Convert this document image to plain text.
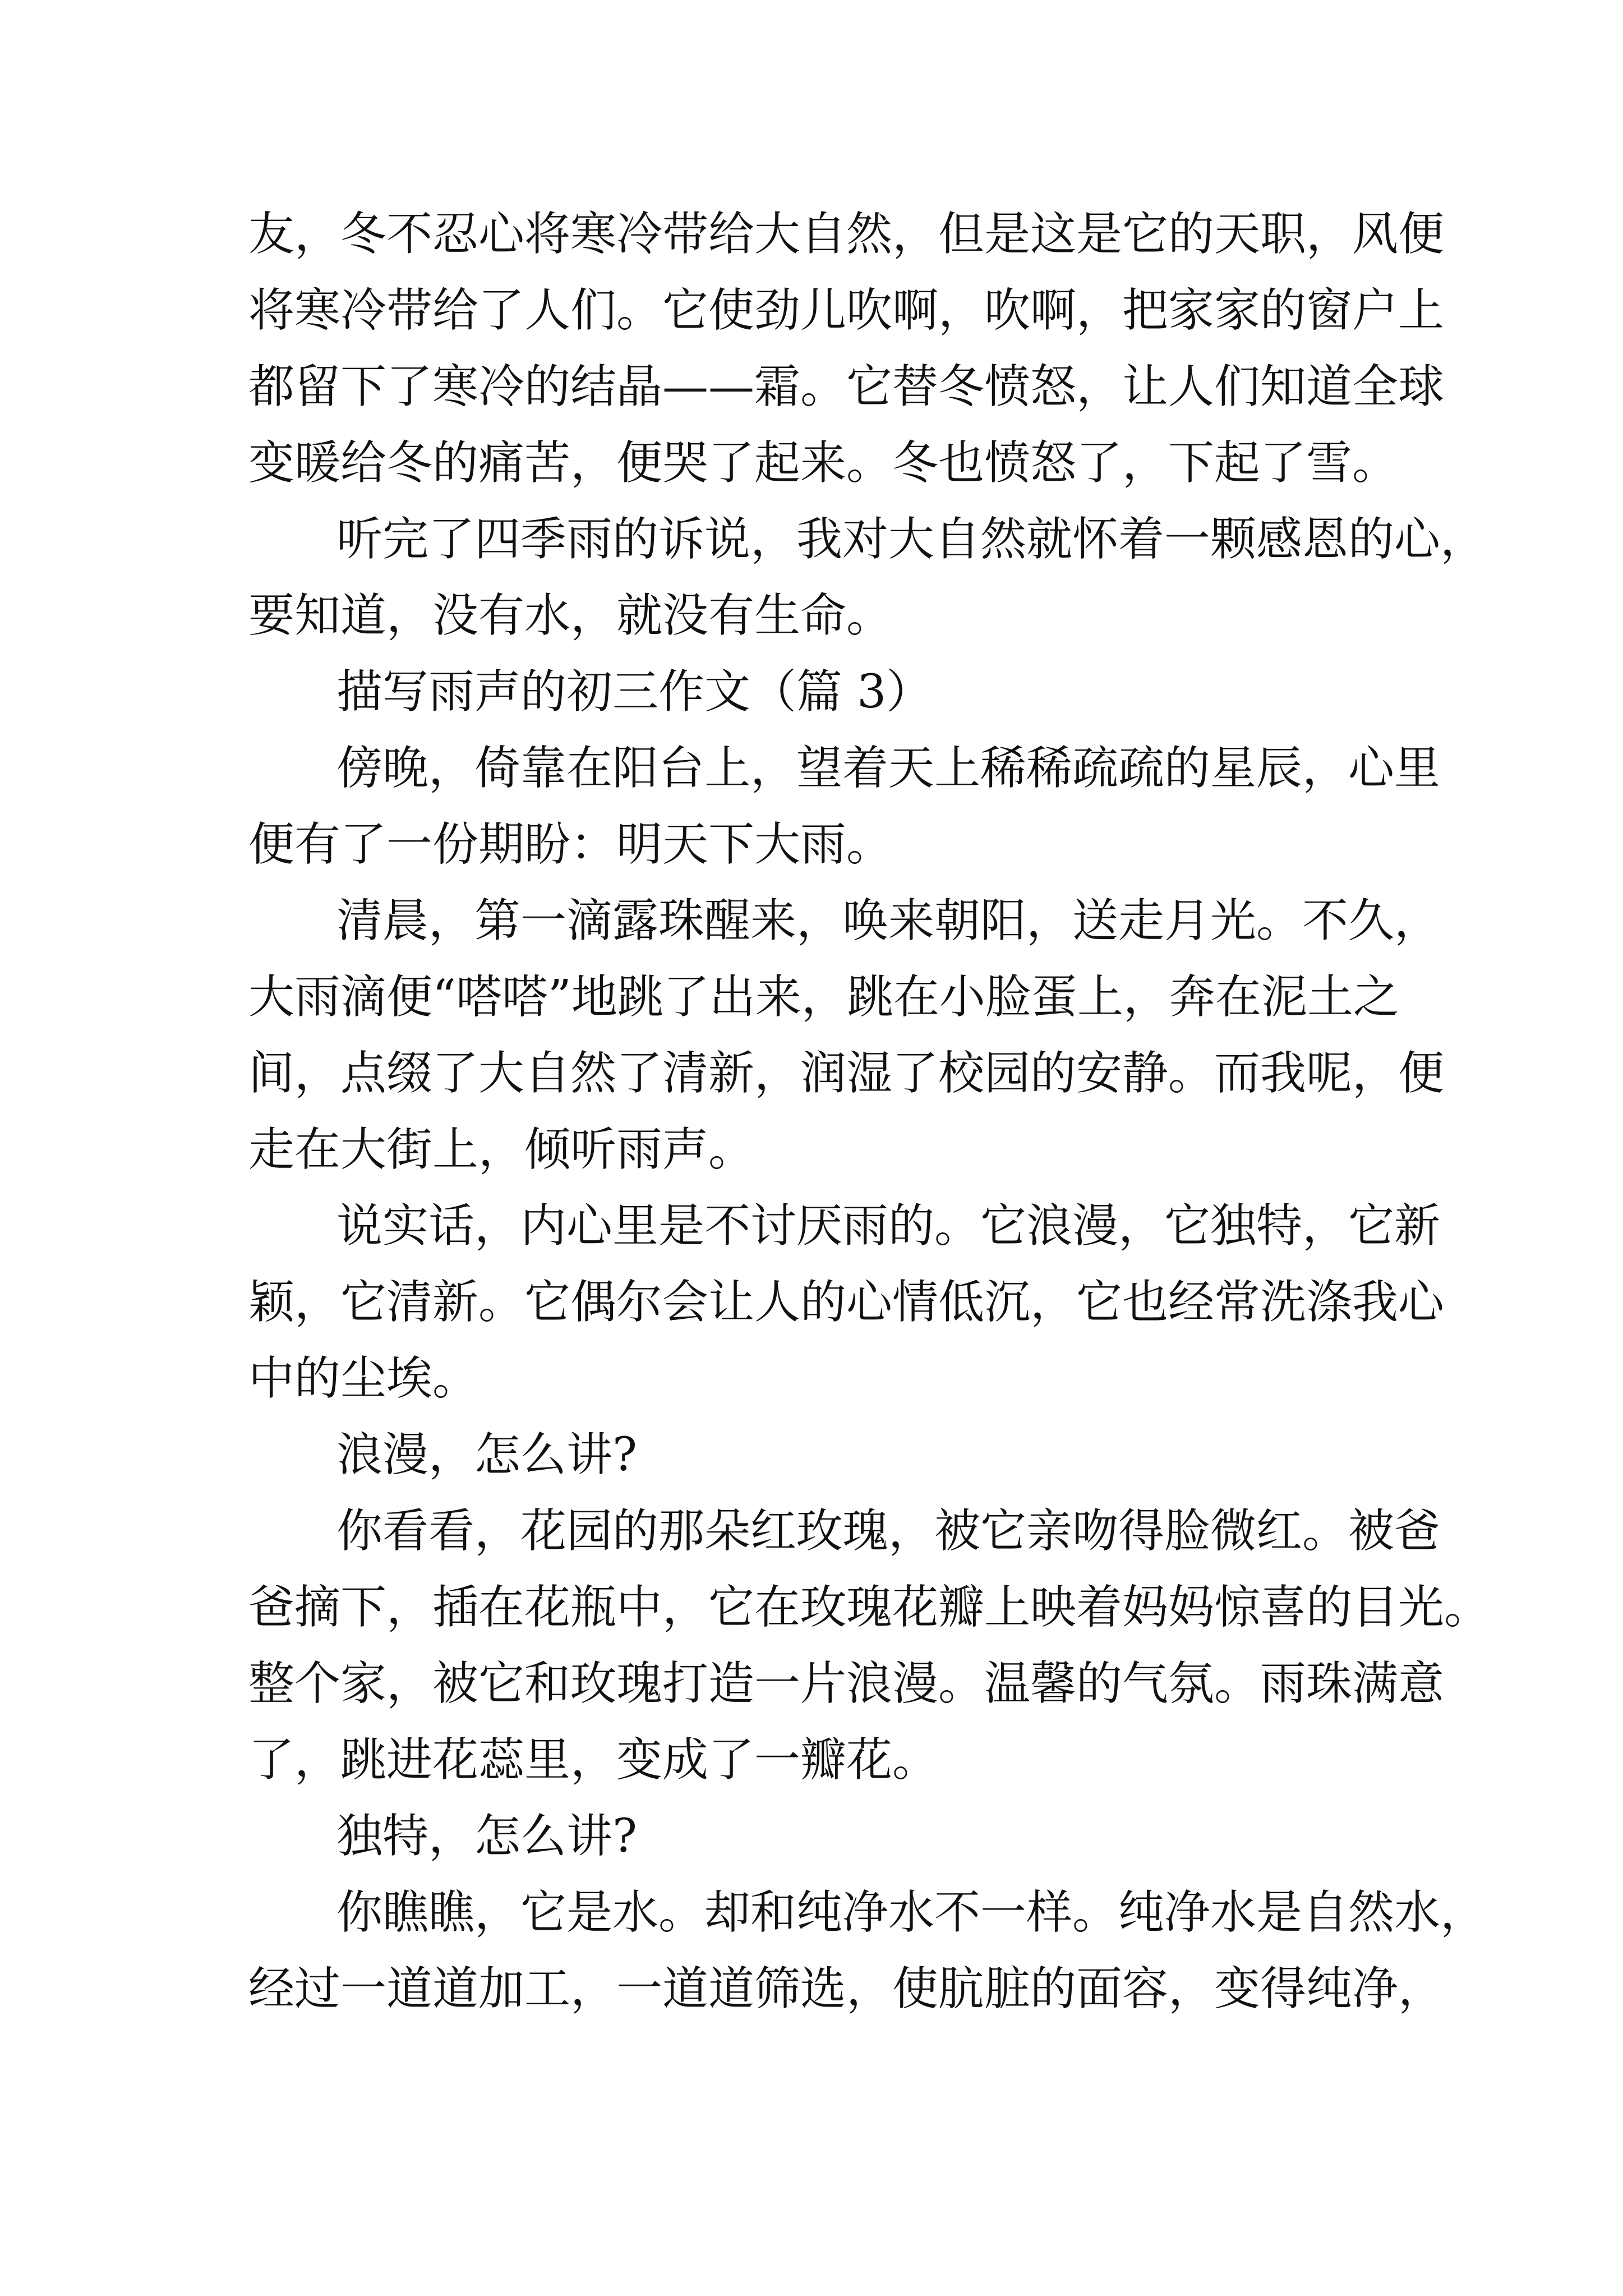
友，冬不忍心将寒冷带给大自然，但是这是它的天职，风便
将寒冷带给了人们。它使劲儿吹啊，吹啊，把家家的窗户上
都留下了寒冷的结晶——霜。它替冬愤怒，让人们知道全球
变暖给冬的痛苦，便哭了起来。冬也愤怒了，下起了雪。
听完了四季雨的诉说，我对大自然就怀着一颗感恩的心，
要知道，没有水，就没有生命。
描写雨声的初三作文（篇 3）
傍晚，倚靠在阳台上，望着天上稀稀疏疏的星辰，心里
便有了一份期盼：明天下大雨。
清晨，第一滴露珠醒来，唤来朝阳，送走月光。不久，
大雨滴便“嗒嗒”地跳了出来，跳在小脸蛋上，奔在泥土之
间，点缀了大自然了清新，润湿了校园的安静。而我呢，便
走在大街上，倾听雨声。
说实话，内心里是不讨厌雨的。它浪漫，它独特，它新
颖，它清新。它偶尔会让人的心情低沉，它也经常洗涤我心
中的尘埃。
浪漫，怎么讲?
你看看，花园的那朵红玫瑰，被它亲吻得脸微红。被爸
爸摘下，插在花瓶中，它在玫瑰花瓣上映着妈妈惊喜的目光。
整个家，被它和玫瑰打造一片浪漫。温馨的气氛。雨珠满意
了，跳进花蕊里，变成了一瓣花。
独特，怎么讲?
你瞧瞧，它是水。却和纯净水不一样。纯净水是自然水，
经过一道道加工，一道道筛选，使肮脏的面容，变得纯净，
